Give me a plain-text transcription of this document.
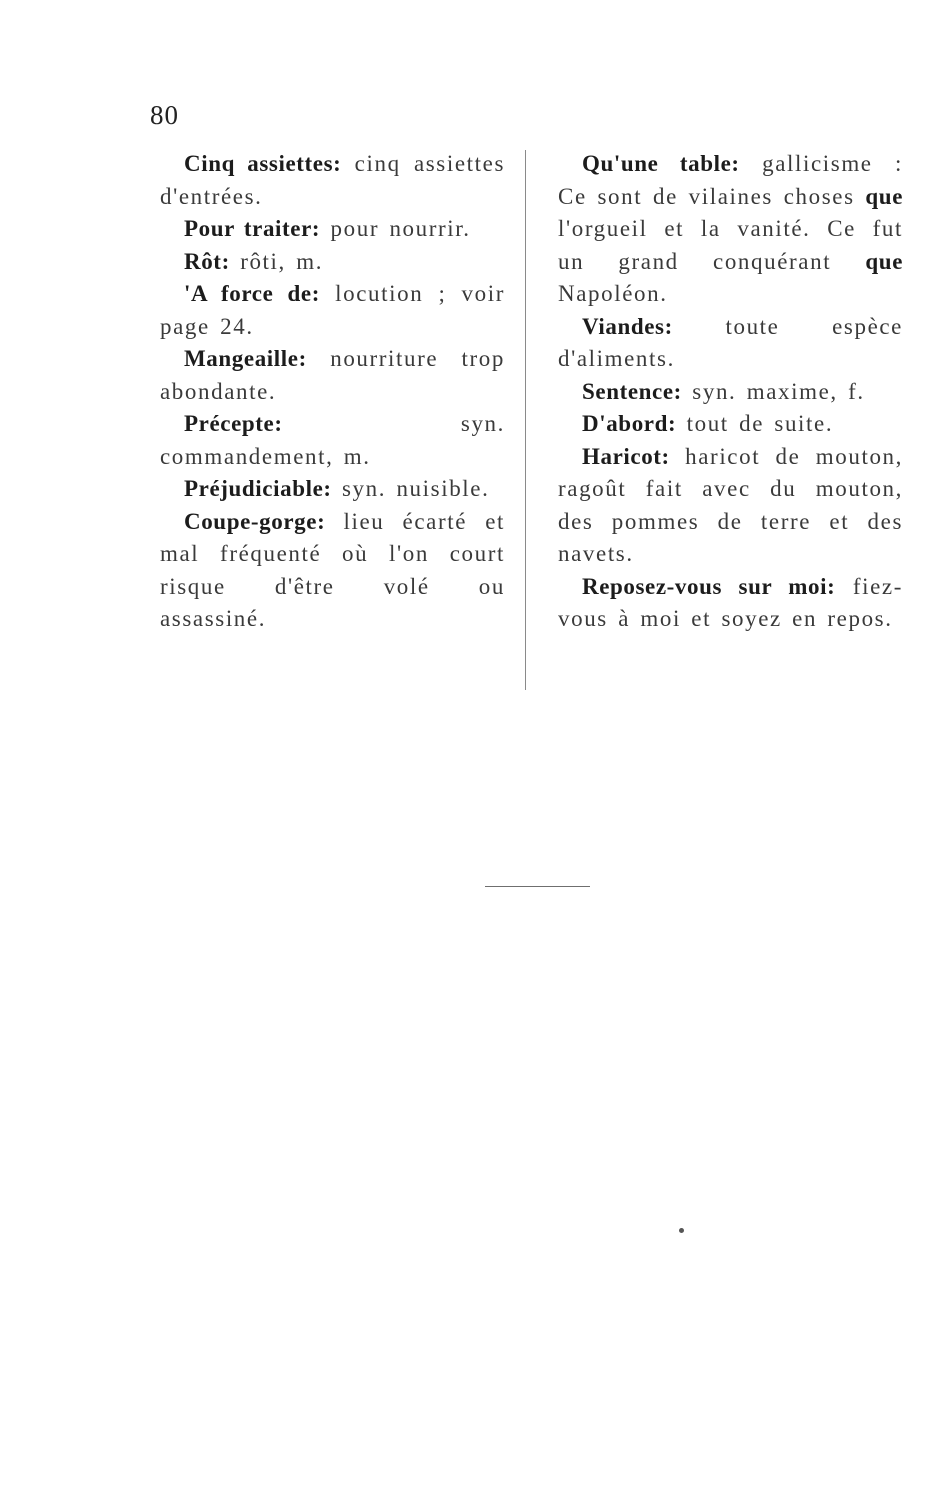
80

Cinq assiettes: cinq assiettes d'entrées.

Pour traiter: pour nourrir.

Rôt: rôti, m.

'A force de: locution ; voir page 24.

Mangeaille: nourriture trop abondante.

Précepte: syn. commandement, m.

Préjudiciable: syn. nuisible.

Coupe-gorge: lieu écarté et mal fréquenté où l'on court risque d'être volé ou assassiné.

Qu'une table: gallicisme : Ce sont de vilaines choses que l'orgueil et la vanité. Ce fut un grand conquérant que Napoléon.

Viandes: toute espèce d'aliments.

Sentence: syn. maxime, f.

D'abord: tout de suite.

Haricot: haricot de mouton, ragoût fait avec du mouton, des pommes de terre et des navets.

Reposez-vous sur moi: fiez-vous à moi et soyez en repos.
